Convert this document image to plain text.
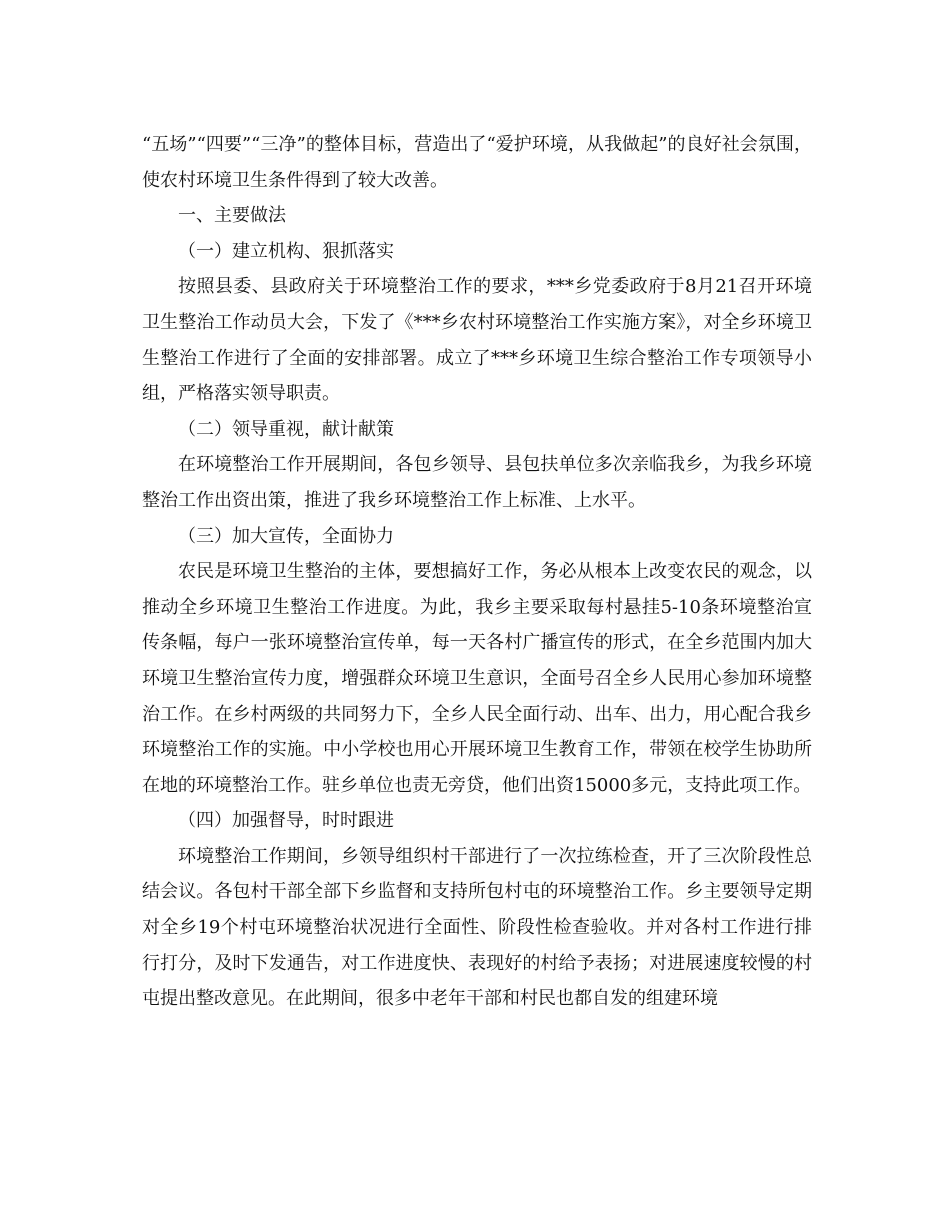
“五场”“四要”“三净”的整体目标，营造出了“爱护环境，从我做起”的良好社会氛围，使农村环境卫生条件得到了较大改善。

一、主要做法

（一）建立机构、狠抓落实

按照县委、县政府关于环境整治工作的要求，***乡党委政府于8月21召开环境卫生整治工作动员大会，下发了《***乡农村环境整治工作实施方案》，对全乡环境卫生整治工作进行了全面的安排部署。成立了***乡环境卫生综合整治工作专项领导小组，严格落实领导职责。

（二）领导重视，献计献策

在环境整治工作开展期间，各包乡领导、县包扶单位多次亲临我乡，为我乡环境整治工作出资出策，推进了我乡环境整治工作上标准、上水平。

（三）加大宣传，全面协力

农民是环境卫生整治的主体，要想搞好工作，务必从根本上改变农民的观念，以推动全乡环境卫生整治工作进度。为此，我乡主要采取每村悬挂5-10条环境整治宣传条幅，每户一张环境整治宣传单，每一天各村广播宣传的形式，在全乡范围内加大环境卫生整治宣传力度，增强群众环境卫生意识，全面号召全乡人民用心参加环境整治工作。在乡村两级的共同努力下，全乡人民全面行动、出车、出力，用心配合我乡环境整治工作的实施。中小学校也用心开展环境卫生教育工作，带领在校学生协助所在地的环境整治工作。驻乡单位也责无旁贷，他们出资15000多元，支持此项工作。

（四）加强督导，时时跟进

环境整治工作期间，乡领导组织村干部进行了一次拉练检查，开了三次阶段性总结会议。各包村干部全部下乡监督和支持所包村屯的环境整治工作。乡主要领导定期对全乡19个村屯环境整治状况进行全面性、阶段性检查验收。并对各村工作进行排行打分，及时下发通告，对工作进度快、表现好的村给予表扬；对进展速度较慢的村屯提出整改意见。在此期间，很多中老年干部和村民也都自发的组建环境
